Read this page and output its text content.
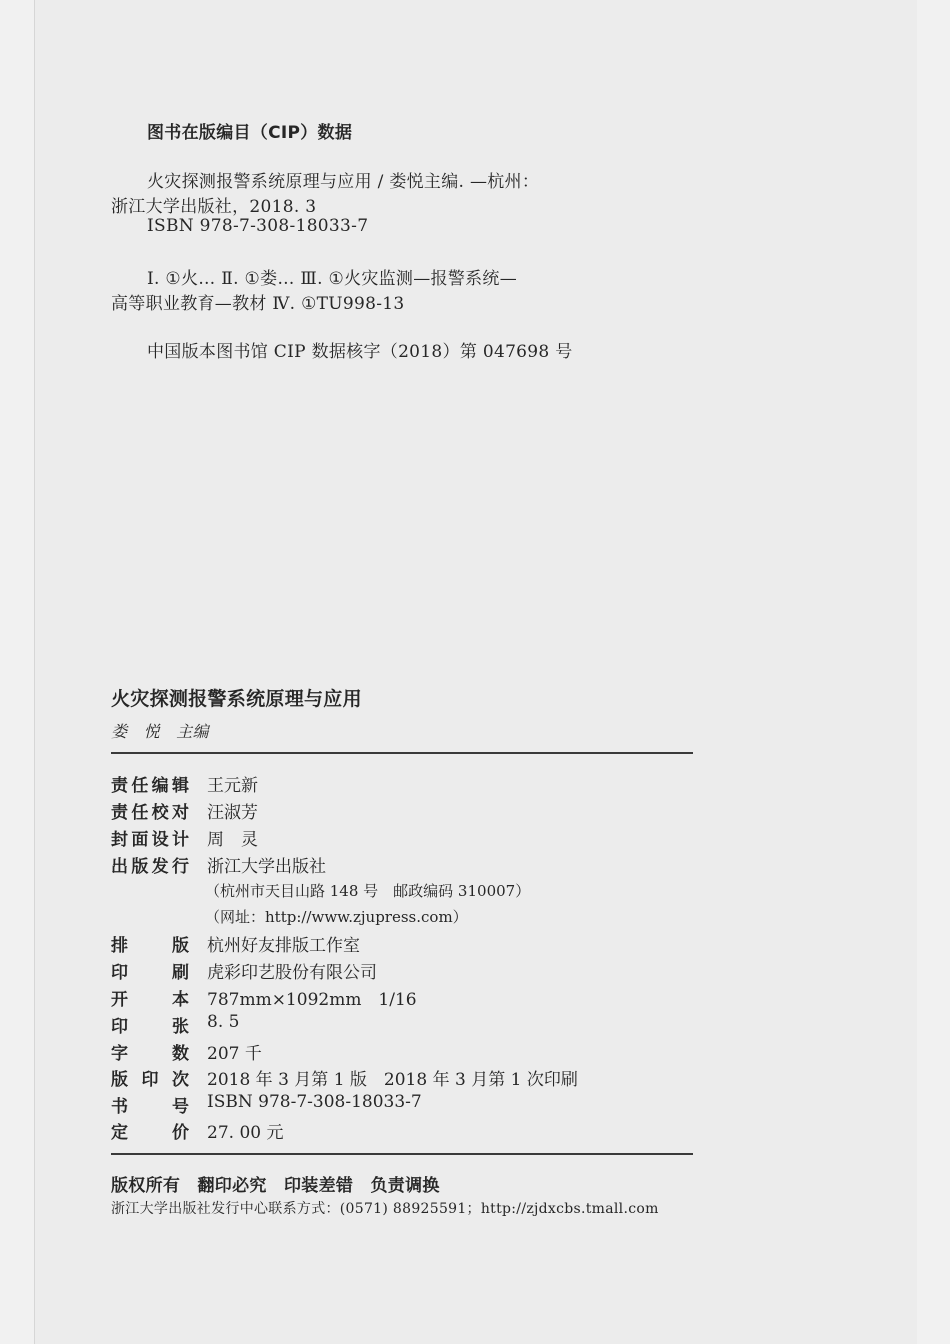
图书在版编目（CIP）数据
火灾探测报警系统原理与应用 / 娄悦主编. —杭州：
浙江大学出版社，2018. 3
ISBN 978-7-308-18033-7
Ⅰ. ①火… Ⅱ. ①娄… Ⅲ. ①火灾监测—报警系统—
高等职业教育—教材 Ⅳ. ①TU998-13
中国版本图书馆 CIP 数据核字（2018）第 047698 号
火灾探测报警系统原理与应用
娄　悦　主编
责任编辑 王元新
责任校对 汪淑芳
封面设计 周　灵
出版发行 浙江大学出版社
（杭州市天目山路 148 号　邮政编码 310007）
（网址：http://www.zjupress.com）
排版 杭州好友排版工作室
印刷 虎彩印艺股份有限公司
开本 787mm×1092mm　1/16
印张 8. 5
字数 207 千
版印次 2018 年 3 月第 1 版　2018 年 3 月第 1 次印刷
书号 ISBN 978-7-308-18033-7
定价 27. 00 元
版权所有　翻印必究　印装差错　负责调换
浙江大学出版社发行中心联系方式：(0571) 88925591；http://zjdxcbs.tmall.com
